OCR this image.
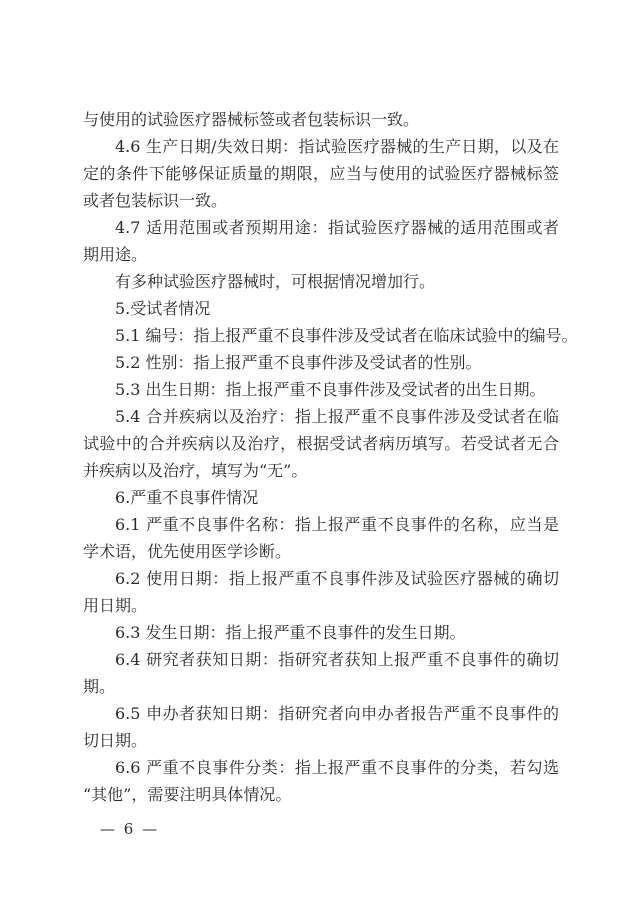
与使用的试验医疗器械标签或者包装标识一致。
4.6 生产日期/失效日期：指试验医疗器械的生产日期，以及在
定的条件下能够保证质量的期限，应当与使用的试验医疗器械标签
或者包装标识一致。
4.7 适用范围或者预期用途：指试验医疗器械的适用范围或者
期用途。
有多种试验医疗器械时，可根据情况增加行。
5.受试者情况
5.1 编号：指上报严重不良事件涉及受试者在临床试验中的编号。
5.2 性别：指上报严重不良事件涉及受试者的性别。
5.3 出生日期：指上报严重不良事件涉及受试者的出生日期。
5.4 合并疾病以及治疗：指上报严重不良事件涉及受试者在临
试验中的合并疾病以及治疗，根据受试者病历填写。若受试者无合
并疾病以及治疗，填写为“无”。
6.严重不良事件情况
6.1 严重不良事件名称：指上报严重不良事件的名称，应当是
学术语，优先使用医学诊断。
6.2 使用日期：指上报严重不良事件涉及试验医疗器械的确切
用日期。
6.3 发生日期：指上报严重不良事件的发生日期。
6.4 研究者获知日期：指研究者获知上报严重不良事件的确切
期。
6.5 申办者获知日期：指研究者向申办者报告严重不良事件的
切日期。
6.6 严重不良事件分类：指上报严重不良事件的分类，若勾选
“其他”，需要注明具体情况。
— 6 —
